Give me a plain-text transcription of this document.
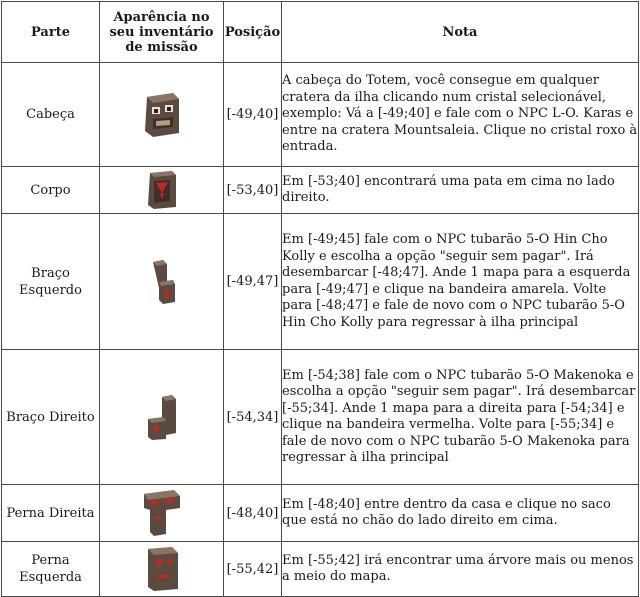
Parte	Aparência no seu inventário de missão	Posição	Nota
Cabeça		[-49,40]	A cabeça do Totem, você consegue em qualquer cratera da ilha clicando num cristal selecionável, exemplo: Vá a [-49;40] e fale com o NPC L-O. Karas e entre na cratera Mountsaleia. Clique no cristal roxo à entrada.
Corpo		[-53,40]	Em [-53;40] encontrará uma pata em cima no lado direito.
Braço Esquerdo		[-49,47]	Em [-49;45] fale com o NPC tubarão 5-O Hin Cho Kolly e escolha a opção "seguir sem pagar". Irá desembarcar [-48;47]. Ande 1 mapa para a esquerda para [-49;47] e clique na bandeira amarela. Volte para [-48;47] e fale de novo com o NPC tubarão 5-O Hin Cho Kolly para regressar à ilha principal
Braço Direito		[-54,34]	Em [-54;38] fale com o NPC tubarão 5-O Makenoka e escolha a opção "seguir sem pagar". Irá desembarcar [-55;34]. Ande 1 mapa para a direita para [-54;34] e clique na bandeira vermelha. Volte para [-55;34] e fale de novo com o NPC tubarão 5-O Makenoka para regressar à ilha principal
Perna Direita		[-48,40]	Em [-48;40] entre dentro da casa e clique no saco que está no chão do lado direito em cima.
Perna Esquerda		[-55,42]	Em [-55;42] irá encontrar uma árvore mais ou menos a meio do mapa.
